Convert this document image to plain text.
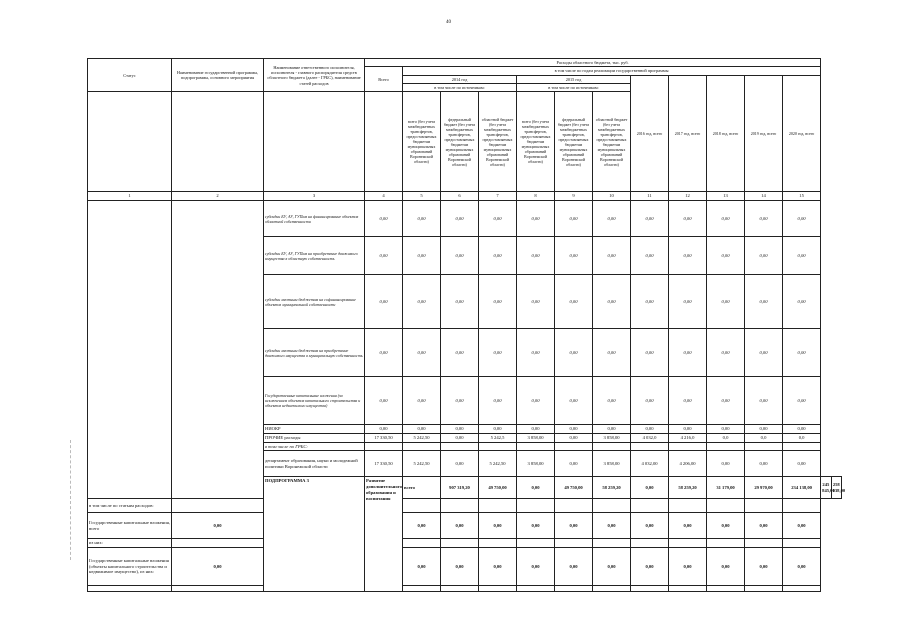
40
Статус	Наименование государственной программы, подпрограммы, основного мероприятия	Наименование ответственного исполнителя, исполнителя - главного распорядителя средств областного бюджета (далее - ГРБС), наименование статей расходов	Расходы областного бюджета, тыс. руб.													
			Всего	в том числе по годам реализации государственной программы												
				2014 год			2015 год			2016 год, всего	2017 год, всего	2018 год, всего	2019 год, всего	2020 год, всего		
				в том числе по источникам:			в том числе по источникам:									
				всего (без учета межбюджетных трансфертов, предоставляемых бюджетам муниципальных образований Воронежской области)	федеральный бюджет (без учета межбюджетных трансфертов, предоставляемых бюджетам муниципальных образований Воронежской области)	областной бюджет (без учета межбюджетных трансфертов, предоставляемых бюджетам муниципальных образований Воронежской области)	всего (без учета межбюджетных трансфертов, предоставляемых бюджетам муниципальных образований Воронежской области)	федеральный бюджет (без учета межбюджетных трансфертов, предоставляемых бюджетам муниципальных образований Воронежской области)	областной бюджет (без учета межбюджетных трансфертов, предоставляемых бюджетам муниципальных образований Воронежской области)							
1	2	3	4	5	6	7	8	9	10	11	12	13	14	15		
		субсидии БУ, АУ, ГУПам на финансирование объектов областной собственности	0,00	0,00	0,00	0,00	0,00	0,00	0,00	0,00	0,00	0,00	0,00	0,00		
		субсидии БУ, АУ, ГУПам на приобретение движимого имущества в областную собственность	0,00	0,00	0,00	0,00	0,00	0,00	0,00	0,00	0,00	0,00	0,00	0,00		
		субсидии местным бюджетам на софинансирование объектов муниципальной собственности	0,00	0,00	0,00	0,00	0,00	0,00	0,00	0,00	0,00	0,00	0,00	0,00		
		субсидии местным бюджетам на приобретение движимого имущества в муниципальную собственность	0,00	0,00	0,00	0,00	0,00	0,00	0,00	0,00	0,00	0,00	0,00	0,00		
		Государственные капитальные вложения (за исключением объектов капитального строительства и объектов недвижимого имущества)	0,00	0,00	0,00	0,00	0,00	0,00	0,00	0,00	0,00	0,00	0,00	0,00		
		НИОКР	0,00	0,00	0,00	0,00	0,00	0,00	0,00	0,00	0,00	0,00	0,00	0,00		
		ПРОЧИЕ расходы	17 330,50	5 242,50	0,00	5 242,5	3 858,00	0,00	3 858,00	4 032,0	4 216,0	0,0	0,0	0,0		
		в том числе по ГРБС:														
		департамент образования, науки и молодежной политики Воронежской области	17 330,50	5 242,50	0,00	5 242,50	3 858,00	0,00	3 858,00	4 032,00	4 206,00	0,00	0,00	0,00		
		ПОДПРОГРАММА 3	Развитие дополнительного образования и воспитания	всего	907 319,20	49 750,00	0,00	49 750,00	58 259,20	0,00	58 259,20	31 179,00	29 970,00	234 138,00	245 845,00	258 138,00
в том числе по статьям расходов:																
Государственные капитальные вложения, всего	0,00			0,00	0,00	0,00	0,00	0,00	0,00	0,00	0,00	0,00	0,00	0,00		
из них:																
Государственные капитальные вложения (объекты капитального строительства и недвижимое имущество), из них:	0,00			0,00	0,00	0,00	0,00	0,00	0,00	0,00	0,00	0,00	0,00	0,00		
